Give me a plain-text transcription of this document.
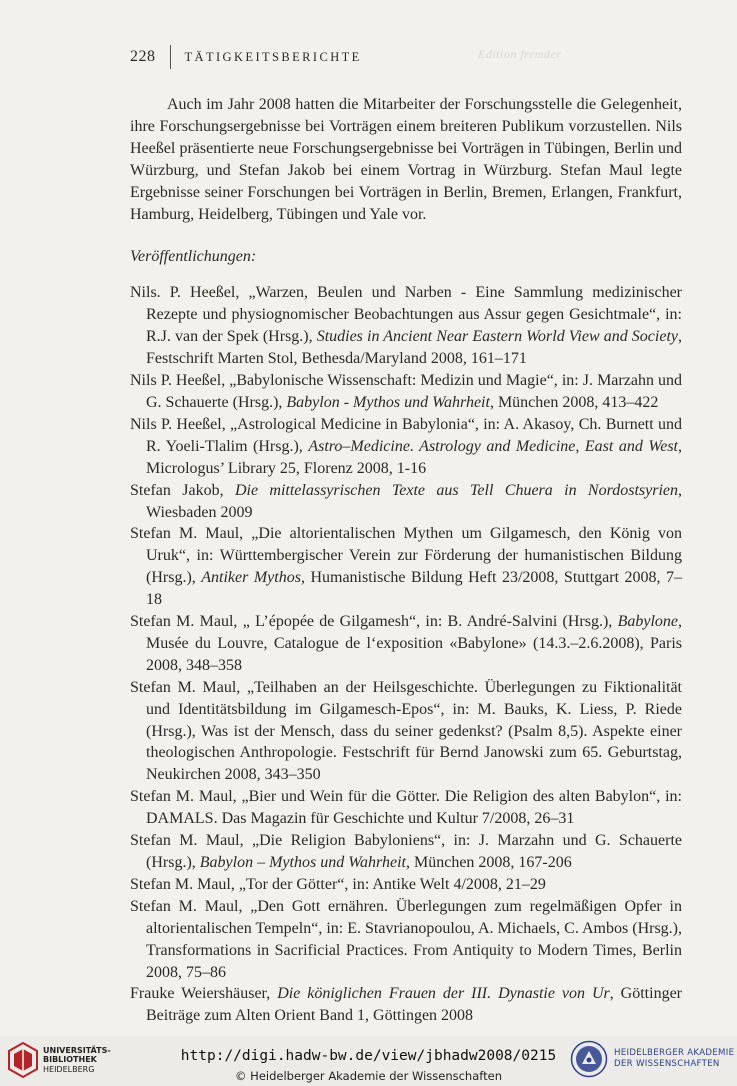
228 TÄTIGKEITSBERICHTE	Edition fremder

Auch im Jahr 2008 hatten die Mitarbeiter der Forschungsstelle die Gelegenheit, ihre Forschungsergebnisse bei Vorträgen einem breiteren Publikum vorzustellen. Nils Heeßel präsentierte neue Forschungsergebnisse bei Vorträgen in Tübingen, Berlin und Würzburg, und Stefan Jakob bei einem Vortrag in Würzburg. Stefan Maul legte Ergebnisse seiner Forschungen bei Vorträgen in Berlin, Bremen, Erlangen, Frankfurt, Hamburg, Heidelberg, Tübingen und Yale vor.

Veröffentlichungen:

Nils. P. Heeßel, „Warzen, Beulen und Narben - Eine Sammlung medizinischer Rezepte und physiognomischer Beobachtungen aus Assur gegen Gesichtmale“, in: R.J. van der Spek (Hrsg.), Studies in Ancient Near Eastern World View and Society, Festschrift Marten Stol, Bethesda/Maryland 2008, 161–171

Nils P. Heeßel, „Babylonische Wissenschaft: Medizin und Magie“, in: J. Marzahn und G. Schauerte (Hrsg.), Babylon - Mythos und Wahrheit, München 2008, 413–422

Nils P. Heeßel, „Astrological Medicine in Babylonia“, in: A. Akasoy, Ch. Burnett und R. Yoeli-Tlalim (Hrsg.), Astro–Medicine. Astrology and Medicine, East and West, Micrologus’ Library 25, Florenz 2008, 1-16

Stefan Jakob, Die mittelassyrischen Texte aus Tell Chuera in Nordostsyrien, Wiesbaden 2009

Stefan M. Maul, „Die altorientalischen Mythen um Gilgamesch, den König von Uruk“, in: Württembergischer Verein zur Förderung der humanistischen Bildung (Hrsg.), Antiker Mythos, Humanistische Bildung Heft 23/2008, Stuttgart 2008, 7–18

Stefan M. Maul, „ L’épopée de Gilgamesh“, in: B. André-Salvini (Hrsg.), Babylone, Musée du Louvre, Catalogue de l‘exposition «Babylone» (14.3.–2.6.2008), Paris 2008, 348–358

Stefan M. Maul, „Teilhaben an der Heilsgeschichte. Überlegungen zu Fiktionalität und Identitätsbildung im Gilgamesch-Epos“, in: M. Bauks, K. Liess, P. Riede (Hrsg.), Was ist der Mensch, dass du seiner gedenkst? (Psalm 8,5). Aspekte einer theologischen Anthropologie. Festschrift für Bernd Janowski zum 65. Geburtstag, Neukirchen 2008, 343–350

Stefan M. Maul, „Bier und Wein für die Götter. Die Religion des alten Babylon“, in: DAMALS. Das Magazin für Geschichte und Kultur 7/2008, 26–31

Stefan M. Maul, „Die Religion Babyloniens“, in: J. Marzahn und G. Schauerte (Hrsg.), Babylon – Mythos und Wahrheit, München 2008, 167-206

Stefan M. Maul, „Tor der Götter“, in: Antike Welt 4/2008, 21–29

Stefan M. Maul, „Den Gott ernähren. Überlegungen zum regelmäßigen Opfer in altorientalischen Tempeln“, in: E. Stavrianopoulou, A. Michaels, C. Ambos (Hrsg.), Transformations in Sacrificial Practices. From Antiquity to Modern Times, Berlin 2008, 75–86

Frauke Weiershäuser, Die königlichen Frauen der III. Dynastie von Ur, Göttinger Beiträge zum Alten Orient Band 1, Göttingen 2008

UNIVERSITÄTS-
BIBLIOTHEK
HEIDELBERG
http://digi.hadw-bw.de/view/jbhadw2008/0215
© Heidelberger Akademie der Wissenschaften
HEIDELBERGER AKADEMIE
DER WISSENSCHAFTEN
